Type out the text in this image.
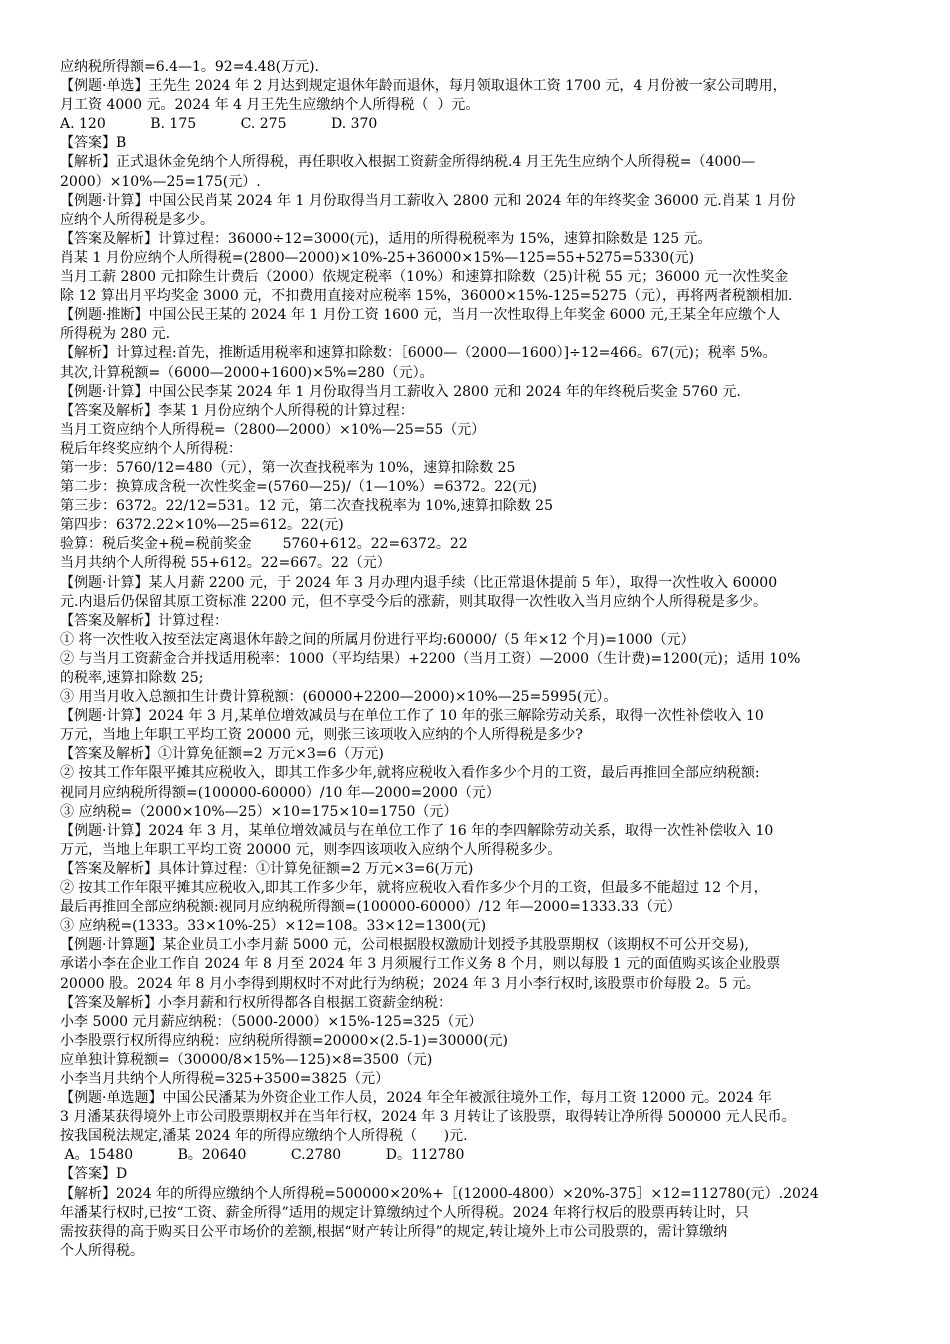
应纳税所得额=6.4—1。92=4.48(万元).

【例题·单选】王先生 2024 年 2 月达到规定退休年龄而退休，每月领取退休工资 1700 元，4 月份被一家公司聘用，

月工资 4000 元。2024 年 4 月王先生应缴纳个人所得税（  ）元。

A. 120          B. 175          C. 275          D. 370

【答案】B

【解析】正式退休金免纳个人所得税，再任职收入根据工资薪金所得纳税.4 月王先生应纳个人所得税=（4000—

2000）×10%—25=175(元）.

【例题·计算】中国公民肖某 2024 年 1 月份取得当月工薪收入 2800 元和 2024 年的年终奖金 36000 元.肖某 1 月份

应纳个人所得税是多少。

【答案及解析】计算过程：36000÷12=3000(元)，适用的所得税税率为 15%，速算扣除数是 125 元。

肖某 1 月份应纳个人所得税=(2800—2000)×10%-25+36000×15%—125=55+5275=5330(元)

当月工薪 2800 元扣除生计费后（2000）依规定税率（10%）和速算扣除数（25)计税 55 元；36000 元一次性奖金

除 12 算出月平均奖金 3000 元，不扣费用直接对应税率 15%，36000×15%-125=5275（元），再将两者税额相加.

【例题·推断】中国公民王某的 2024 年 1 月份工资 1600 元，当月一次性取得上年奖金 6000 元,王某全年应缴个人

所得税为 280 元.

【解析】计算过程:首先，推断适用税率和速算扣除数：［6000—（2000—1600）]÷12=466。67(元)；税率 5%。

其次,计算税额=（6000—2000+1600)×5%=280（元）。

【例题·计算】中国公民李某 2024 年 1 月份取得当月工薪收入 2800 元和 2024 年的年终税后奖金 5760 元.

【答案及解析】李某 1 月份应纳个人所得税的计算过程：

当月工资应纳个人所得税=（2800—2000）×10%—25=55（元）

税后年终奖应纳个人所得税：

第一步：5760/12=480（元），第一次查找税率为 10%，速算扣除数 25

第二步：换算成含税一次性奖金=(5760—25)/（1—10%）=6372。22(元)

第三步：6372。22/12=531。12 元，第二次查找税率为 10%,速算扣除数 25

第四步：6372.22×10%—25=612。22(元)

验算：税后奖金+税=税前奖金       5760+612。22=6372。22

当月共纳个人所得税 55+612。22=667。22（元）

【例题·计算】某人月薪 2200 元，于 2024 年 3 月办理内退手续（比正常退休提前 5 年），取得一次性收入 60000

元.内退后仍保留其原工资标准 2200 元，但不享受今后的涨薪，则其取得一次性收入当月应纳个人所得税是多少。

【答案及解析】计算过程：

① 将一次性收入按至法定离退休年龄之间的所属月份进行平均:60000/（5 年×12 个月)=1000（元）

② 与当月工资薪金合并找适用税率：1000（平均结果）+2200（当月工资）—2000（生计费)=1200(元)；适用 10%

的税率,速算扣除数 25;

③ 用当月收入总额扣生计费计算税额：(60000+2200—2000)×10%—25=5995(元）。

【例题·计算】2024 年 3 月,某单位增效减员与在单位工作了 10 年的张三解除劳动关系，取得一次性补偿收入 10

万元，当地上年职工平均工资 20000 元，则张三该项收入应纳的个人所得税是多少?

【答案及解析】①计算免征额=2 万元×3=6（万元)

② 按其工作年限平摊其应税收入，即其工作多少年,就将应税收入看作多少个月的工资，最后再推回全部应纳税额:

视同月应纳税所得额=(100000-60000）/10 年—2000=2000（元）

③ 应纳税=（2000×10%—25）×10=175×10=1750（元）

【例题·计算】2024 年 3 月，某单位增效减员与在单位工作了 16 年的李四解除劳动关系，取得一次性补偿收入 10

万元，当地上年职工平均工资 20000 元，则李四该项收入应纳个人所得税多少。

【答案及解析】具体计算过程：①计算免征额=2 万元×3=6(万元)

② 按其工作年限平摊其应税收入,即其工作多少年，就将应税收入看作多少个月的工资，但最多不能超过 12 个月，

最后再推回全部应纳税额:视同月应纳税所得额=(100000-60000）/12 年—2000=1333.33（元）

③ 应纳税=(1333。33×10%-25）×12=108。33×12=1300(元)

【例题·计算题】某企业员工小李月薪 5000 元，公司根据股权激励计划授予其股票期权（该期权不可公开交易),

承诺小李在企业工作自 2024 年 8 月至 2024 年 3 月须履行工作义务 8 个月，则以每股 1 元的面值购买该企业股票

20000 股。2024 年 8 月小李得到期权时不对此行为纳税；2024 年 3 月小李行权时,该股票市价每股 2。5 元。

【答案及解析】小李月薪和行权所得都各自根据工资薪金纳税：

小李 5000 元月薪应纳税：（5000-2000）×15%-125=325（元）

小李股票行权所得应纳税：应纳税所得额=20000×(2.5-1)=30000(元)

应单独计算税额=（30000/8×15%—125)×8=3500（元)

小李当月共纳个人所得税=325+3500=3825（元）

【例题·单选题】中国公民潘某为外资企业工作人员，2024 年全年被派往境外工作，每月工资 12000 元。2024 年

3 月潘某获得境外上市公司股票期权并在当年行权，2024 年 3 月转让了该股票，取得转让净所得 500000 元人民币。

按我国税法规定,潘某 2024 年的所得应缴纳个人所得税（      )元.

A。15480          B。20640          C.2780          D。112780

【答案】D

【解析】2024 年的所得应缴纳个人所得税=500000×20%+［(12000-4800）×20%-375］×12=112780(元）.2024

年潘某行权时,已按“工资、薪金所得”适用的规定计算缴纳过个人所得税。2024 年将行权后的股票再转让时，只

需按获得的高于购买日公平市场价的差额,根据“财产转让所得”的规定,转让境外上市公司股票的，需计算缴纳

个人所得税。
